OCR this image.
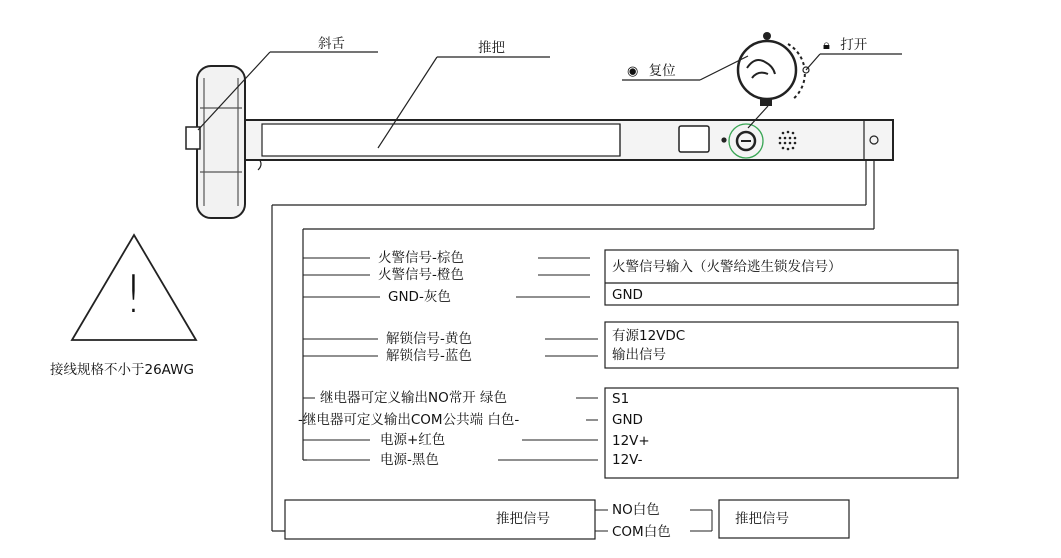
斜舌	推把
◉ 复位
🔒︎ 打开
!
接线规格不小于26AWG
火警信号-棕色
火警信号-橙色
GND-灰色
火警信号输入（火警给逃生锁发信号）
GND
解锁信号-黄色
解锁信号-蓝色
有源12VDC
输出信号
继电器可定义输出NO常开 绿色
-继电器可定义输出COM公共端 白色-
电源+红色
电源-黑色
S1
GND
12V+
12V-
推把信号
NO白色
COM白色
推把信号
